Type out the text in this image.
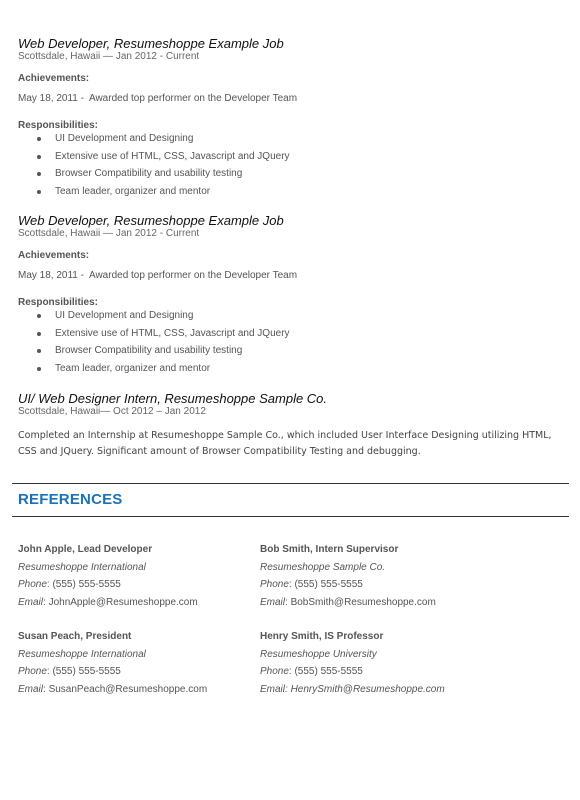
Web Developer, Resumeshoppe Example Job

Scottsdale, Hawaii — Jan 2012 - Current

Achievements:

May 18, 2011 -  Awarded top performer on the Developer Team

Responsibilities:

UI Development and Designing
Extensive use of HTML, CSS, Javascript and JQuery
Browser Compatibility and usability testing
Team leader, organizer and mentor

Web Developer, Resumeshoppe Example Job

Scottsdale, Hawaii — Jan 2012 - Current

Achievements:

May 18, 2011 -  Awarded top performer on the Developer Team

Responsibilities:

UI Development and Designing
Extensive use of HTML, CSS, Javascript and JQuery
Browser Compatibility and usability testing
Team leader, organizer and mentor

UI/ Web Designer Intern, Resumeshoppe Sample Co.

Scottsdale, Hawaii— Oct 2012 – Jan 2012

Completed an Internship at Resumeshoppe Sample Co., which included User Interface Designing utilizing HTML, CSS and JQuery. Significant amount of Browser Compatibility Testing and debugging.

REFERENCES

John Apple, Lead Developer

Resumeshoppe International

Phone: (555) 555-5555

Email: JohnApple@Resumeshoppe.com

Bob Smith, Intern Supervisor

Resumeshoppe Sample Co.

Phone: (555) 555-5555

Email: BobSmith@Resumeshoppe.com

Susan Peach, President

Resumeshoppe International

Phone: (555) 555-5555

Email: SusanPeach@Resumeshoppe.com

Henry Smith, IS Professor

Resumeshoppe University

Phone: (555) 555-5555

Email: HenrySmith@Resumeshoppe.com
